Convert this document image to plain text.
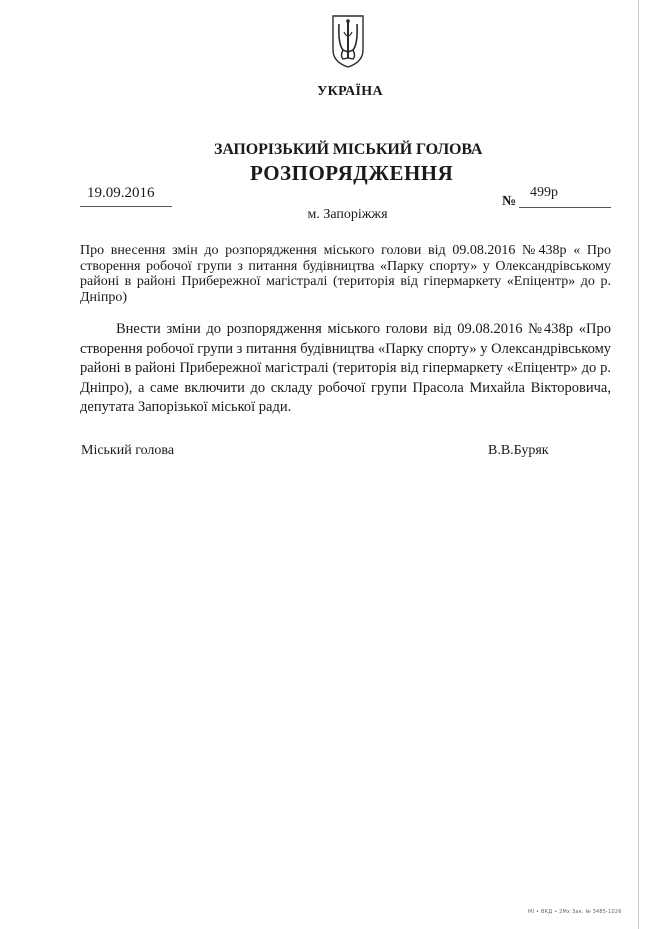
УКРАЇНА
ЗАПОРІЗЬКИЙ МІСЬКИЙ ГОЛОВА
РОЗПОРЯДЖЕННЯ
19.09.2016
№
499р
м. Запоріжжя
Про внесення змін до розпорядження міського голови від 09.08.2016 №438р « Про створення робочої групи з питання будівництва «Парку спорту» у Олександрівському районі в районі Прибережної магістралі (територія від гіпермаркету «Епіцентр» до р. Дніпро)
Внести зміни до розпорядження міського голови від 09.08.2016 №438р «Про створення робочої групи з питання будівництва «Парку спорту» у Олександрівському районі в районі Прибережної магістралі (територія від гіпермаркету «Епіцентр» до р. Дніпро), а саме включити до складу робочої групи Прасола Михайла Вікторовича, депутата Запорізької міської ради.
Міський голова	В.В.Буряк
МІ • ВКД • 2Мх Зак. № 3485-1026
